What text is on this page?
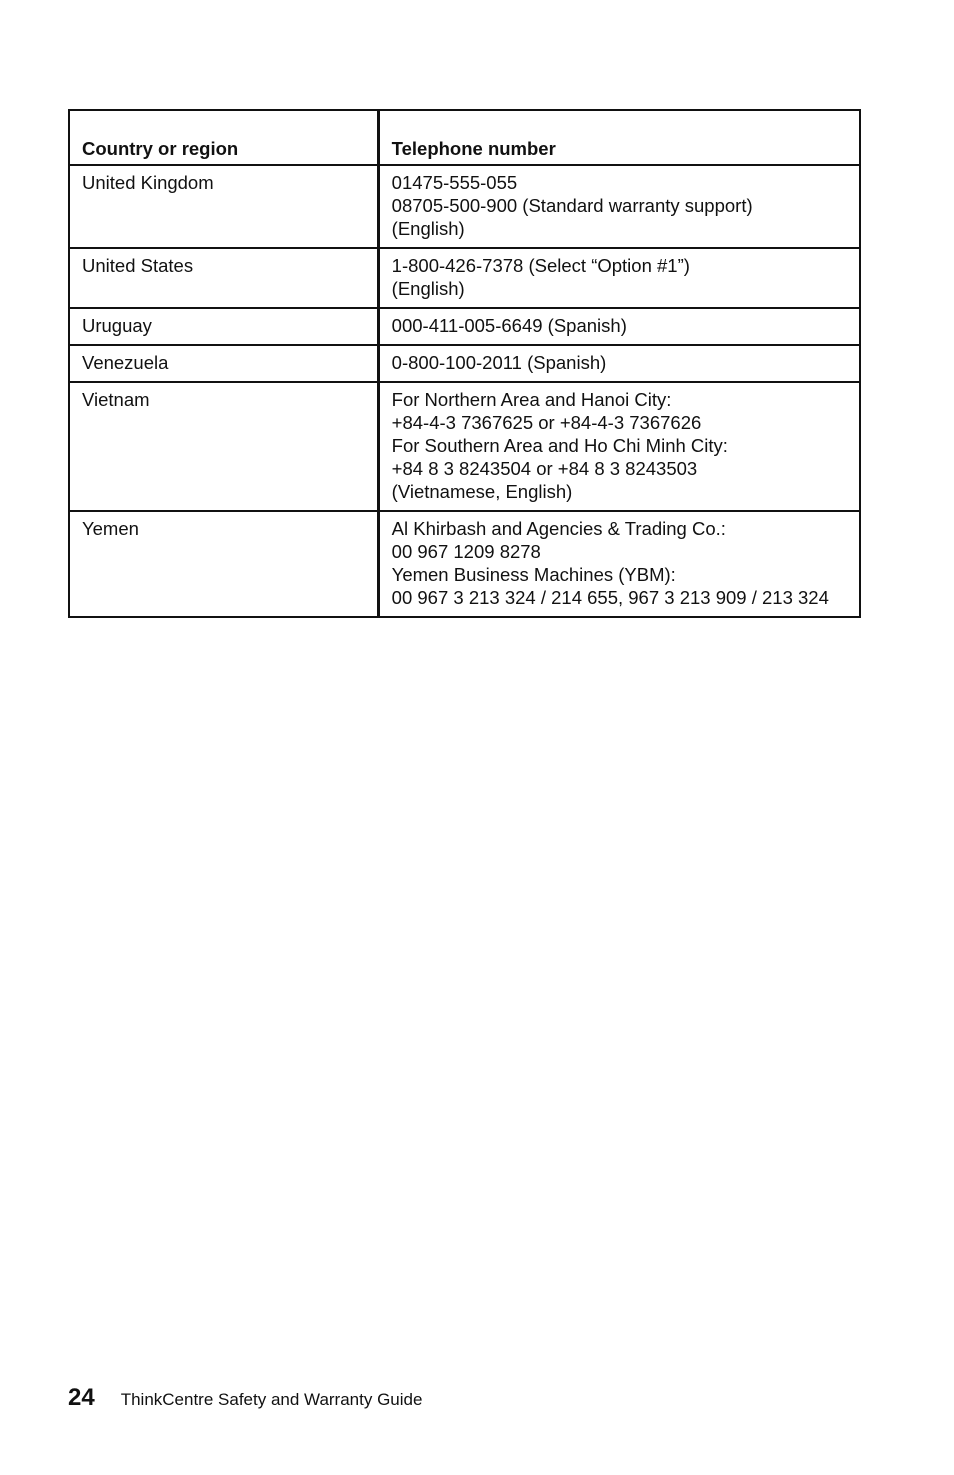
Country or region	Telephone number
United Kingdom	01475-555-055
08705-500-900 (Standard warranty support)
(English)

United States	1-800-426-7378 (Select “Option #1”)
(English)

Uruguay	000-411-005-6649 (Spanish)

Venezuela	0-800-100-2011 (Spanish)

Vietnam	For Northern Area and Hanoi City:
+84-4-3 7367625 or +84-4-3 7367626
For Southern Area and Ho Chi Minh City:
+84 8 3 8243504 or +84 8 3 8243503
(Vietnamese, English)

Yemen	Al Khirbash and Agencies & Trading Co.:
00 967 1209 8278
Yemen Business Machines (YBM):
00 967 3 213 324 / 214 655, 967 3 213 909 / 213 324
24 ThinkCentre Safety and Warranty Guide
